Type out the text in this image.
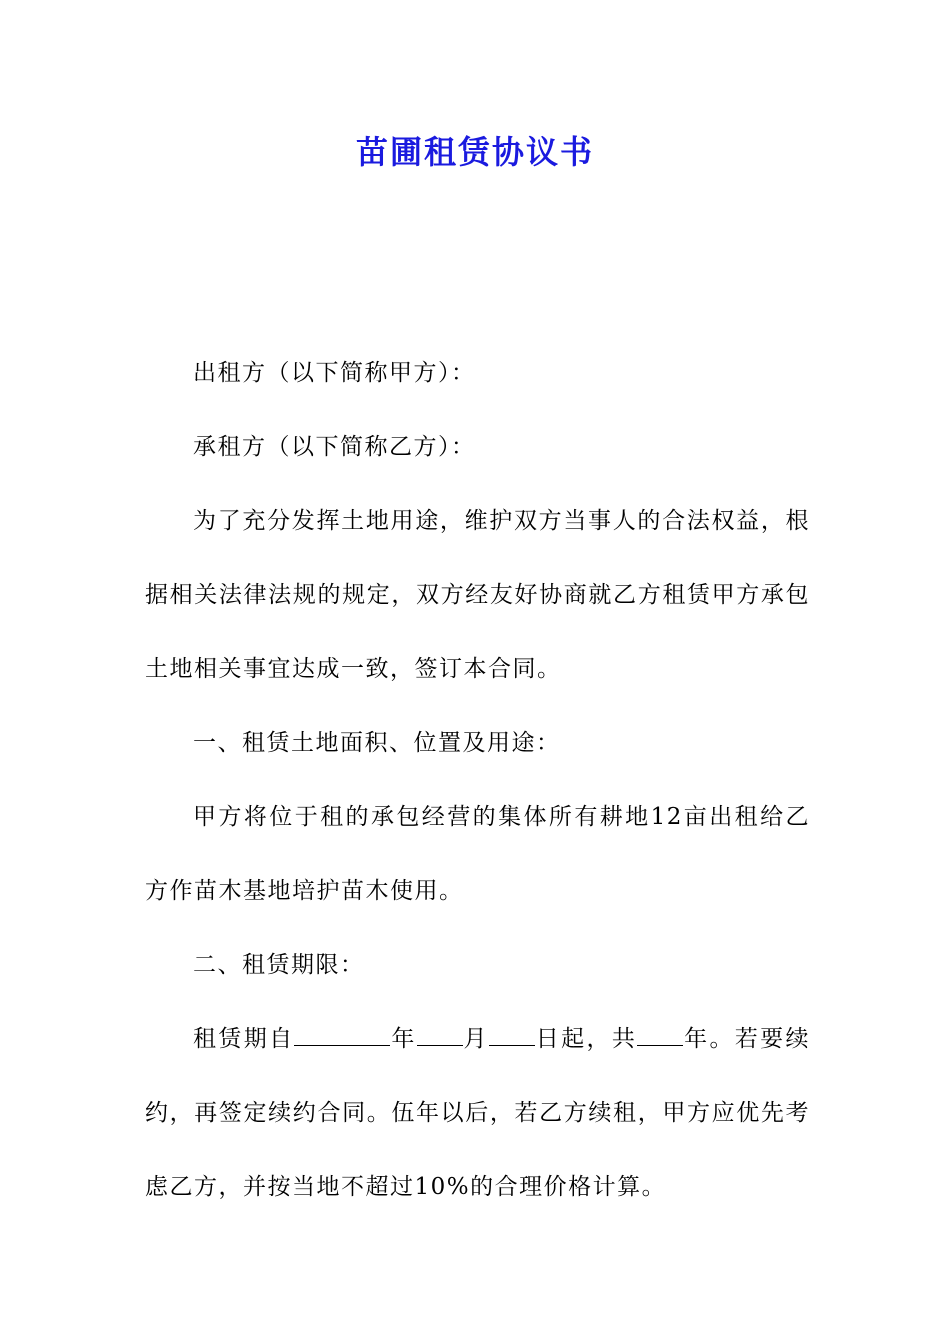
苗圃租赁协议书

出租方（以下简称甲方）：

承租方（以下简称乙方）：

为了充分发挥土地用途，维护双方当事人的合法权益，根据相关法律法规的规定，双方经友好协商就乙方租赁甲方承包土地相关事宜达成一致，签订本合同。

一、租赁土地面积、位置及用途：

甲方将位于租的承包经营的集体所有耕地12亩出租给乙方作苗木基地培护苗木使用。

二、租赁期限：

租赁期自	年 月 日起，共 年。若要续约，再签定续约合同。伍年以后，若乙方续租，甲方应优先考虑乙方，并按当地不超过10%的合理价格计算。
